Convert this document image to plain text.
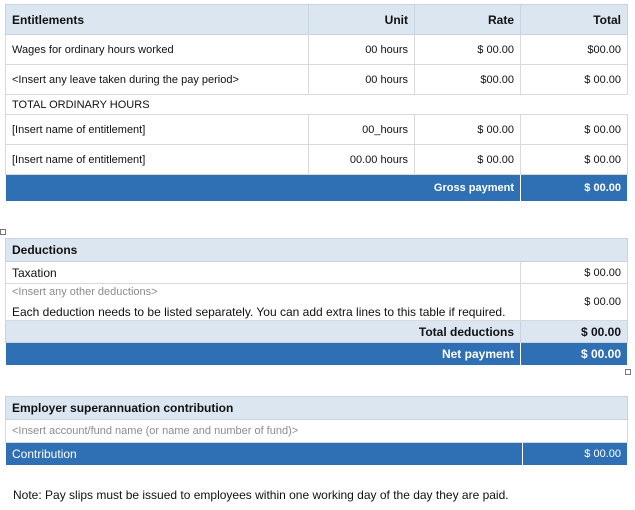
Entitlements	Unit	Rate	Total
Wages for ordinary hours worked	00 hours	$ 00.00	$00.00
<Insert any leave taken during the pay period>	00 hours	$00.00	$ 00.00
TOTAL ORDINARY HOURS			
[Insert name of entitlement]	00_hours	$ 00.00	$ 00.00
[Insert name of entitlement]	00.00 hours	$ 00.00	$ 00.00
Gross payment			$ 00.00
Deductions	
Taxation	$ 00.00

<Insert any other deductions>
Each deduction needs to be listed separately. You can add extra lines to this table if required.	$ 00.00
Total deductions	$ 00.00
Net payment	$ 00.00
Employer superannuation contribution
<Insert account/fund name (or name and number of fund)>
Contribution	$ 00.00
Note: Pay slips must be issued to employees within one working day of the day they are paid.
